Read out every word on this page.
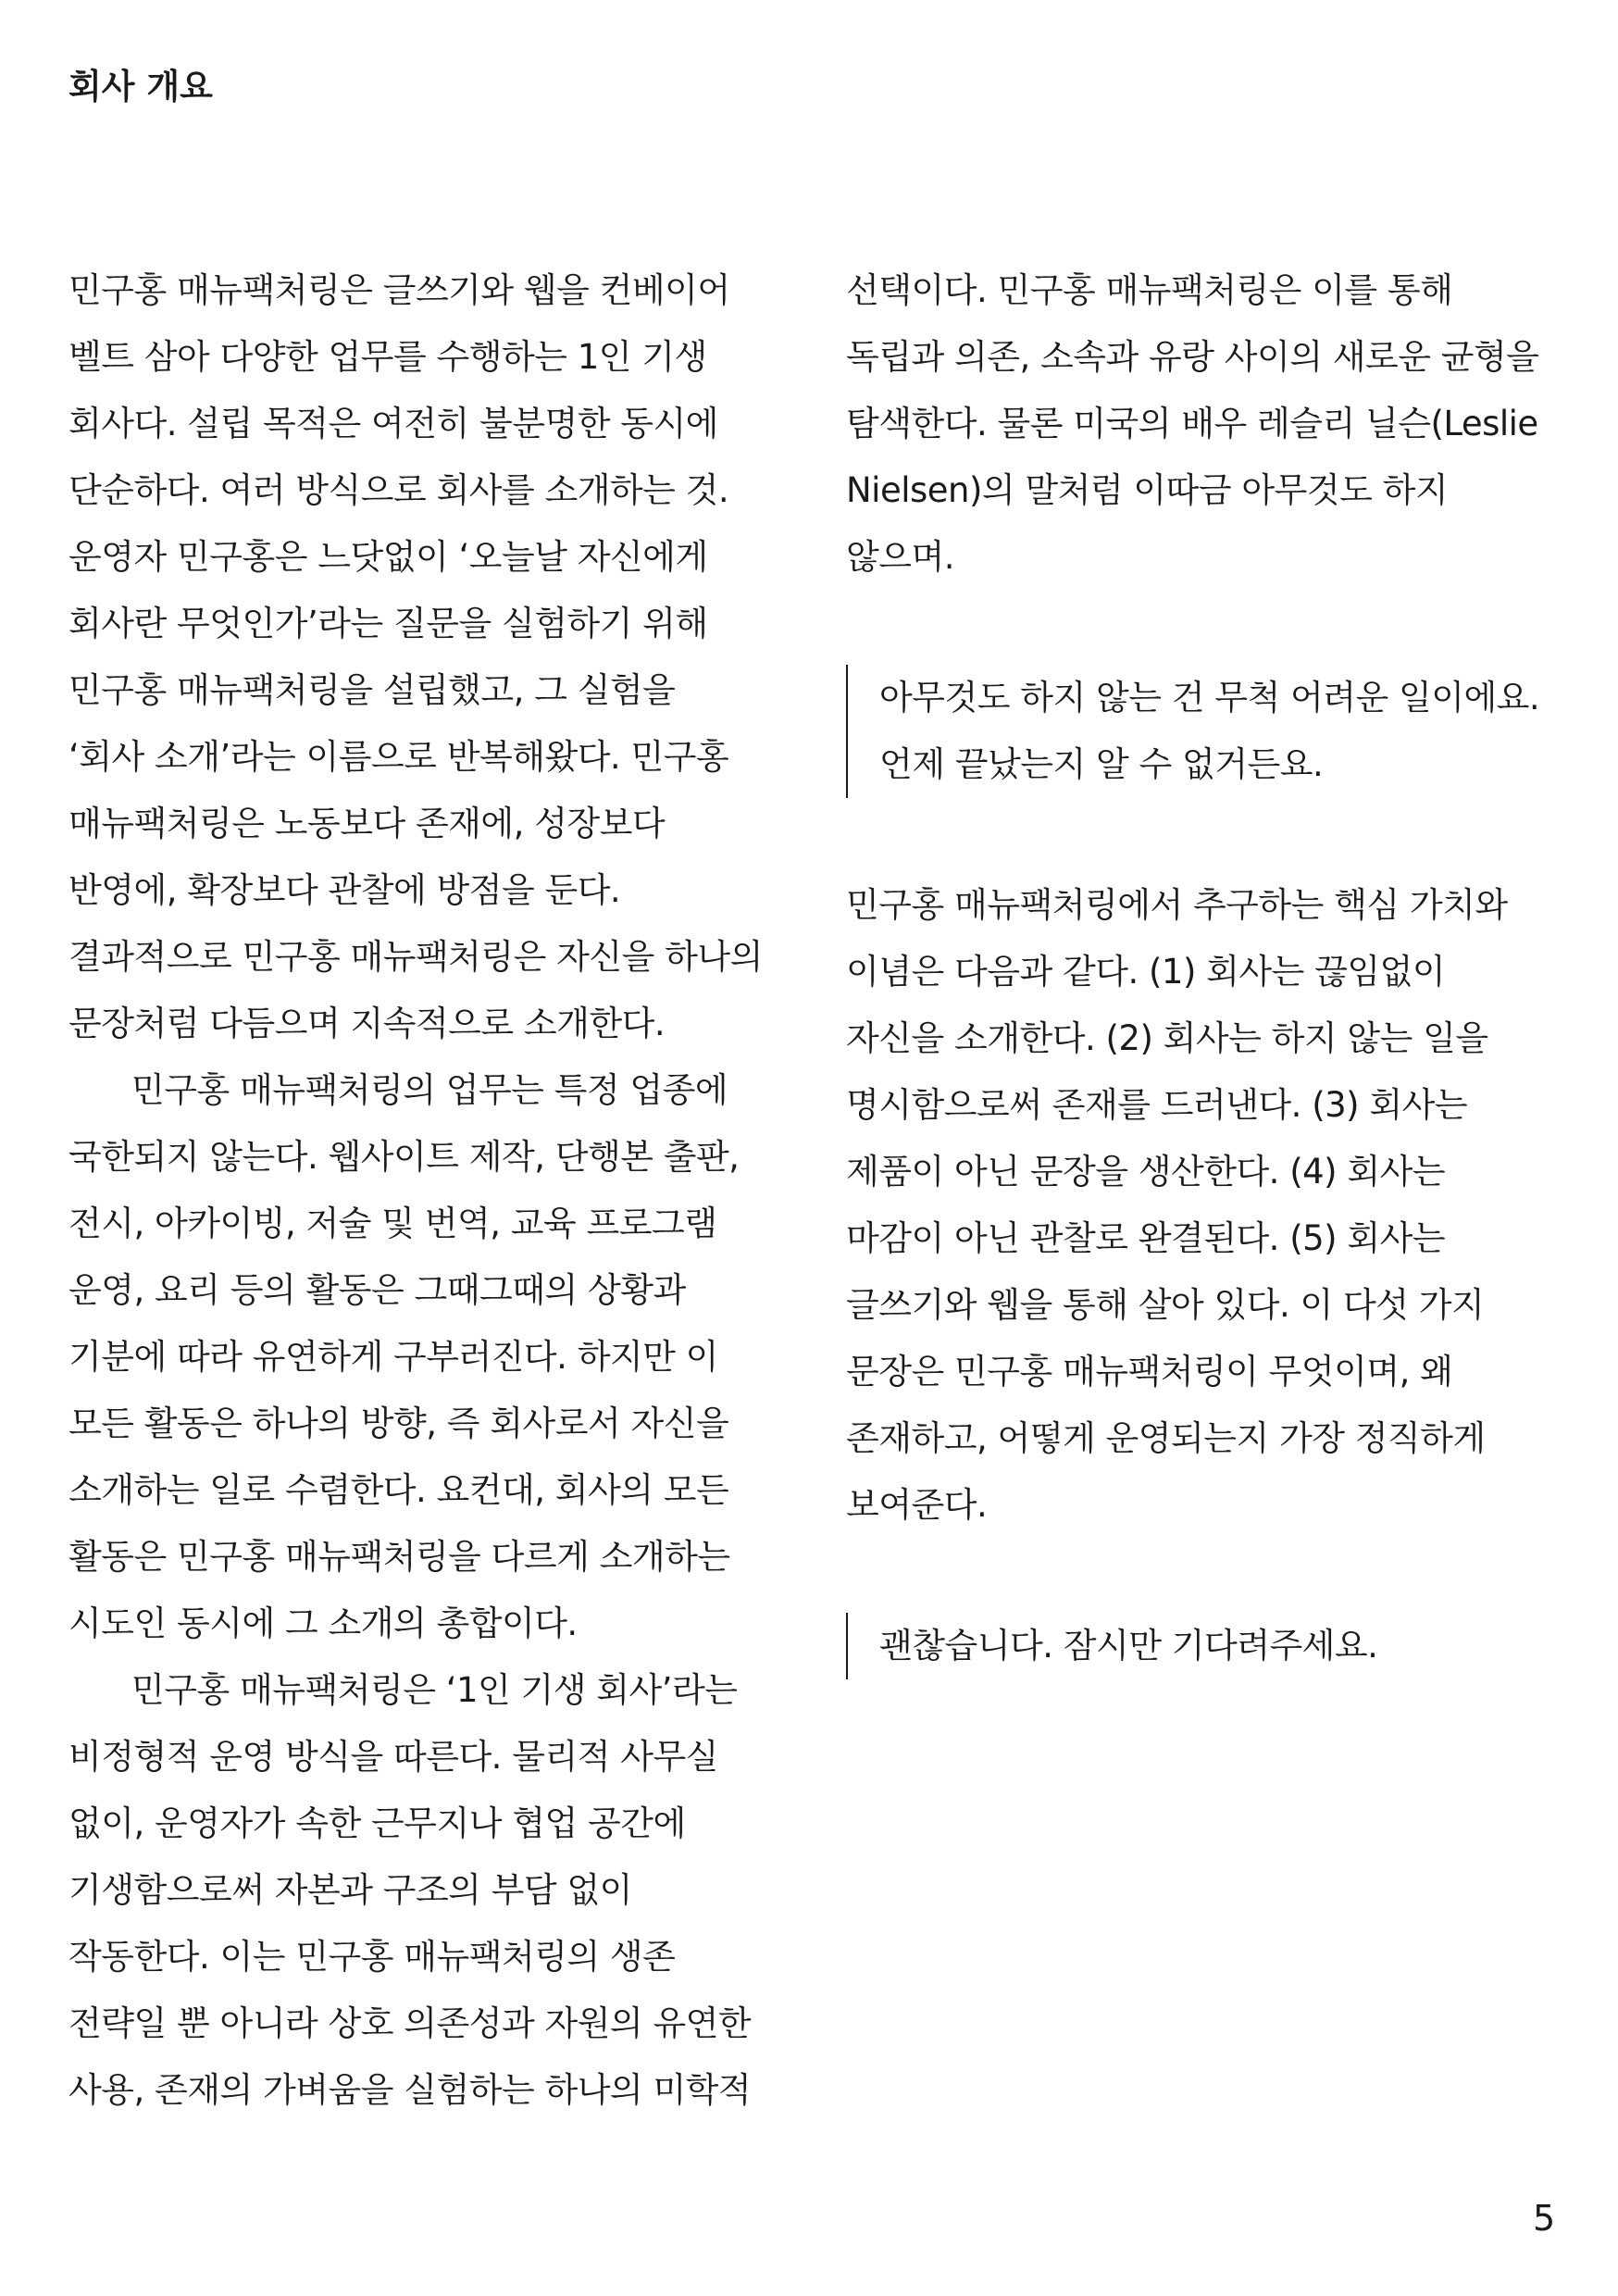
회사 개요
민구홍 매뉴팩처링은 글쓰기와 웹을 컨베이어
벨트 삼아 다양한 업무를 수행하는 1인 기생
회사다. 설립 목적은 여전히 불분명한 동시에
단순하다. 여러 방식으로 회사를 소개하는 것.
운영자 민구홍은 느닷없이 ‘오늘날 자신에게
회사란 무엇인가’라는 질문을 실험하기 위해
민구홍 매뉴팩처링을 설립했고, 그 실험을
‘회사 소개’라는 이름으로 반복해왔다. 민구홍
매뉴팩처링은 노동보다 존재에, 성장보다
반영에, 확장보다 관찰에 방점을 둔다.
결과적으로 민구홍 매뉴팩처링은 자신을 하나의
문장처럼 다듬으며 지속적으로 소개한다.
민구홍 매뉴팩처링의 업무는 특정 업종에
국한되지 않는다. 웹사이트 제작, 단행본 출판,
전시, 아카이빙, 저술 및 번역, 교육 프로그램
운영, 요리 등의 활동은 그때그때의 상황과
기분에 따라 유연하게 구부러진다. 하지만 이
모든 활동은 하나의 방향, 즉 회사로서 자신을
소개하는 일로 수렴한다. 요컨대, 회사의 모든
활동은 민구홍 매뉴팩처링을 다르게 소개하는
시도인 동시에 그 소개의 총합이다.
민구홍 매뉴팩처링은 ‘1인 기생 회사’라는
비정형적 운영 방식을 따른다. 물리적 사무실
없이, 운영자가 속한 근무지나 협업 공간에
기생함으로써 자본과 구조의 부담 없이
작동한다. 이는 민구홍 매뉴팩처링의 생존
전략일 뿐 아니라 상호 의존성과 자원의 유연한
사용, 존재의 가벼움을 실험하는 하나의 미학적
선택이다. 민구홍 매뉴팩처링은 이를 통해
독립과 의존, 소속과 유랑 사이의 새로운 균형을
탐색한다. 물론 미국의 배우 레슬리 닐슨(Leslie
Nielsen)의 말처럼 이따금 아무것도 하지
않으며.
아무것도 하지 않는 건 무척 어려운 일이에요.
언제 끝났는지 알 수 없거든요.
민구홍 매뉴팩처링에서 추구하는 핵심 가치와
이념은 다음과 같다. (1) 회사는 끊임없이
자신을 소개한다. (2) 회사는 하지 않는 일을
명시함으로써 존재를 드러낸다. (3) 회사는
제품이 아닌 문장을 생산한다. (4) 회사는
마감이 아닌 관찰로 완결된다. (5) 회사는
글쓰기와 웹을 통해 살아 있다. 이 다섯 가지
문장은 민구홍 매뉴팩처링이 무엇이며, 왜
존재하고, 어떻게 운영되는지 가장 정직하게
보여준다.
괜찮습니다. 잠시만 기다려주세요.
5
